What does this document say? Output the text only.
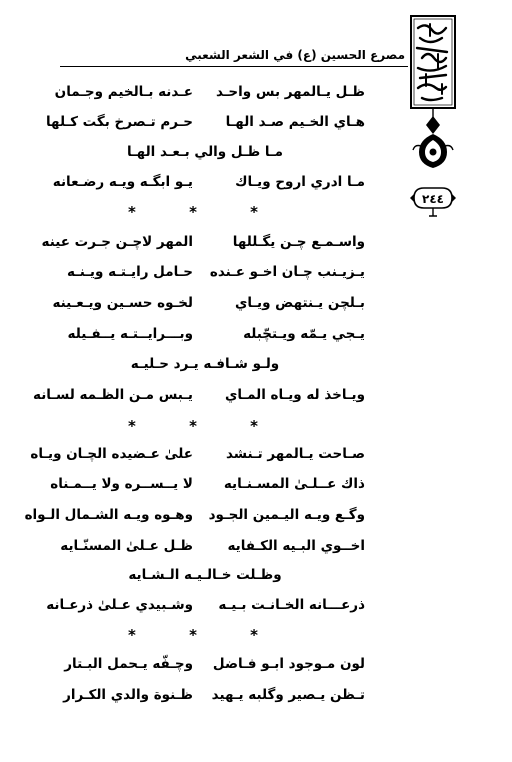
مصرع الحسين (ع) في الشعر الشعبي
٢٤٤
ظـل يـالمهر بس واحـد
عـدنه بـالخيم وجـمان
هـاي الخـيم صـد الهـا
حـرم تـصرخ بگت كـلها
مـا ظـل والي بـعـد الهـا
مـا ادري اروح ويـاك
يـو ابگـه ويـه رضـعانه
* * *
واسـمـع چـن يگـللها
المهر لاچـن جـرت عينه
يـزيـنب چـان اخـو عـنده
حـامل رايـتـه ويـنـه
بـلچن يـنتهض ويـاي
لخـوه حسـين ويـعـينه
يـجي يـمّه ويـتچّبله
وبـــرايــتـه يــفـيله
ولـو شـافـه يـرد حـليـه
ويـاخذ له ويـاه المـاي
يـبس مـن الظـمه لسـانه
* * *
صـاحت يـالمهر تـنشد
علىٰ عـضيده الچـان ويـاه
ذاك عــلـىٰ المسـنـايه
لا يــســره ولا يــمـناه
وگـع ويـه اليـمين الجـود
وهـوه ويـه الشـمال الـواه
اخــوي البـيه الكـفايه
ظـل عـلىٰ المسنّـايه
وظـلت خـالـيـه الـشـايه
ذرعـــانه الخـانـت بـيـه
وشـبيدي عـلىٰ ذرعـانه
* * *
لون مـوجود ابـو فـاضل
وچـفّه يـحمل البـتار
تـظن يـصير وگلبه يـهيد
ظـنوة والدي الكـرار
